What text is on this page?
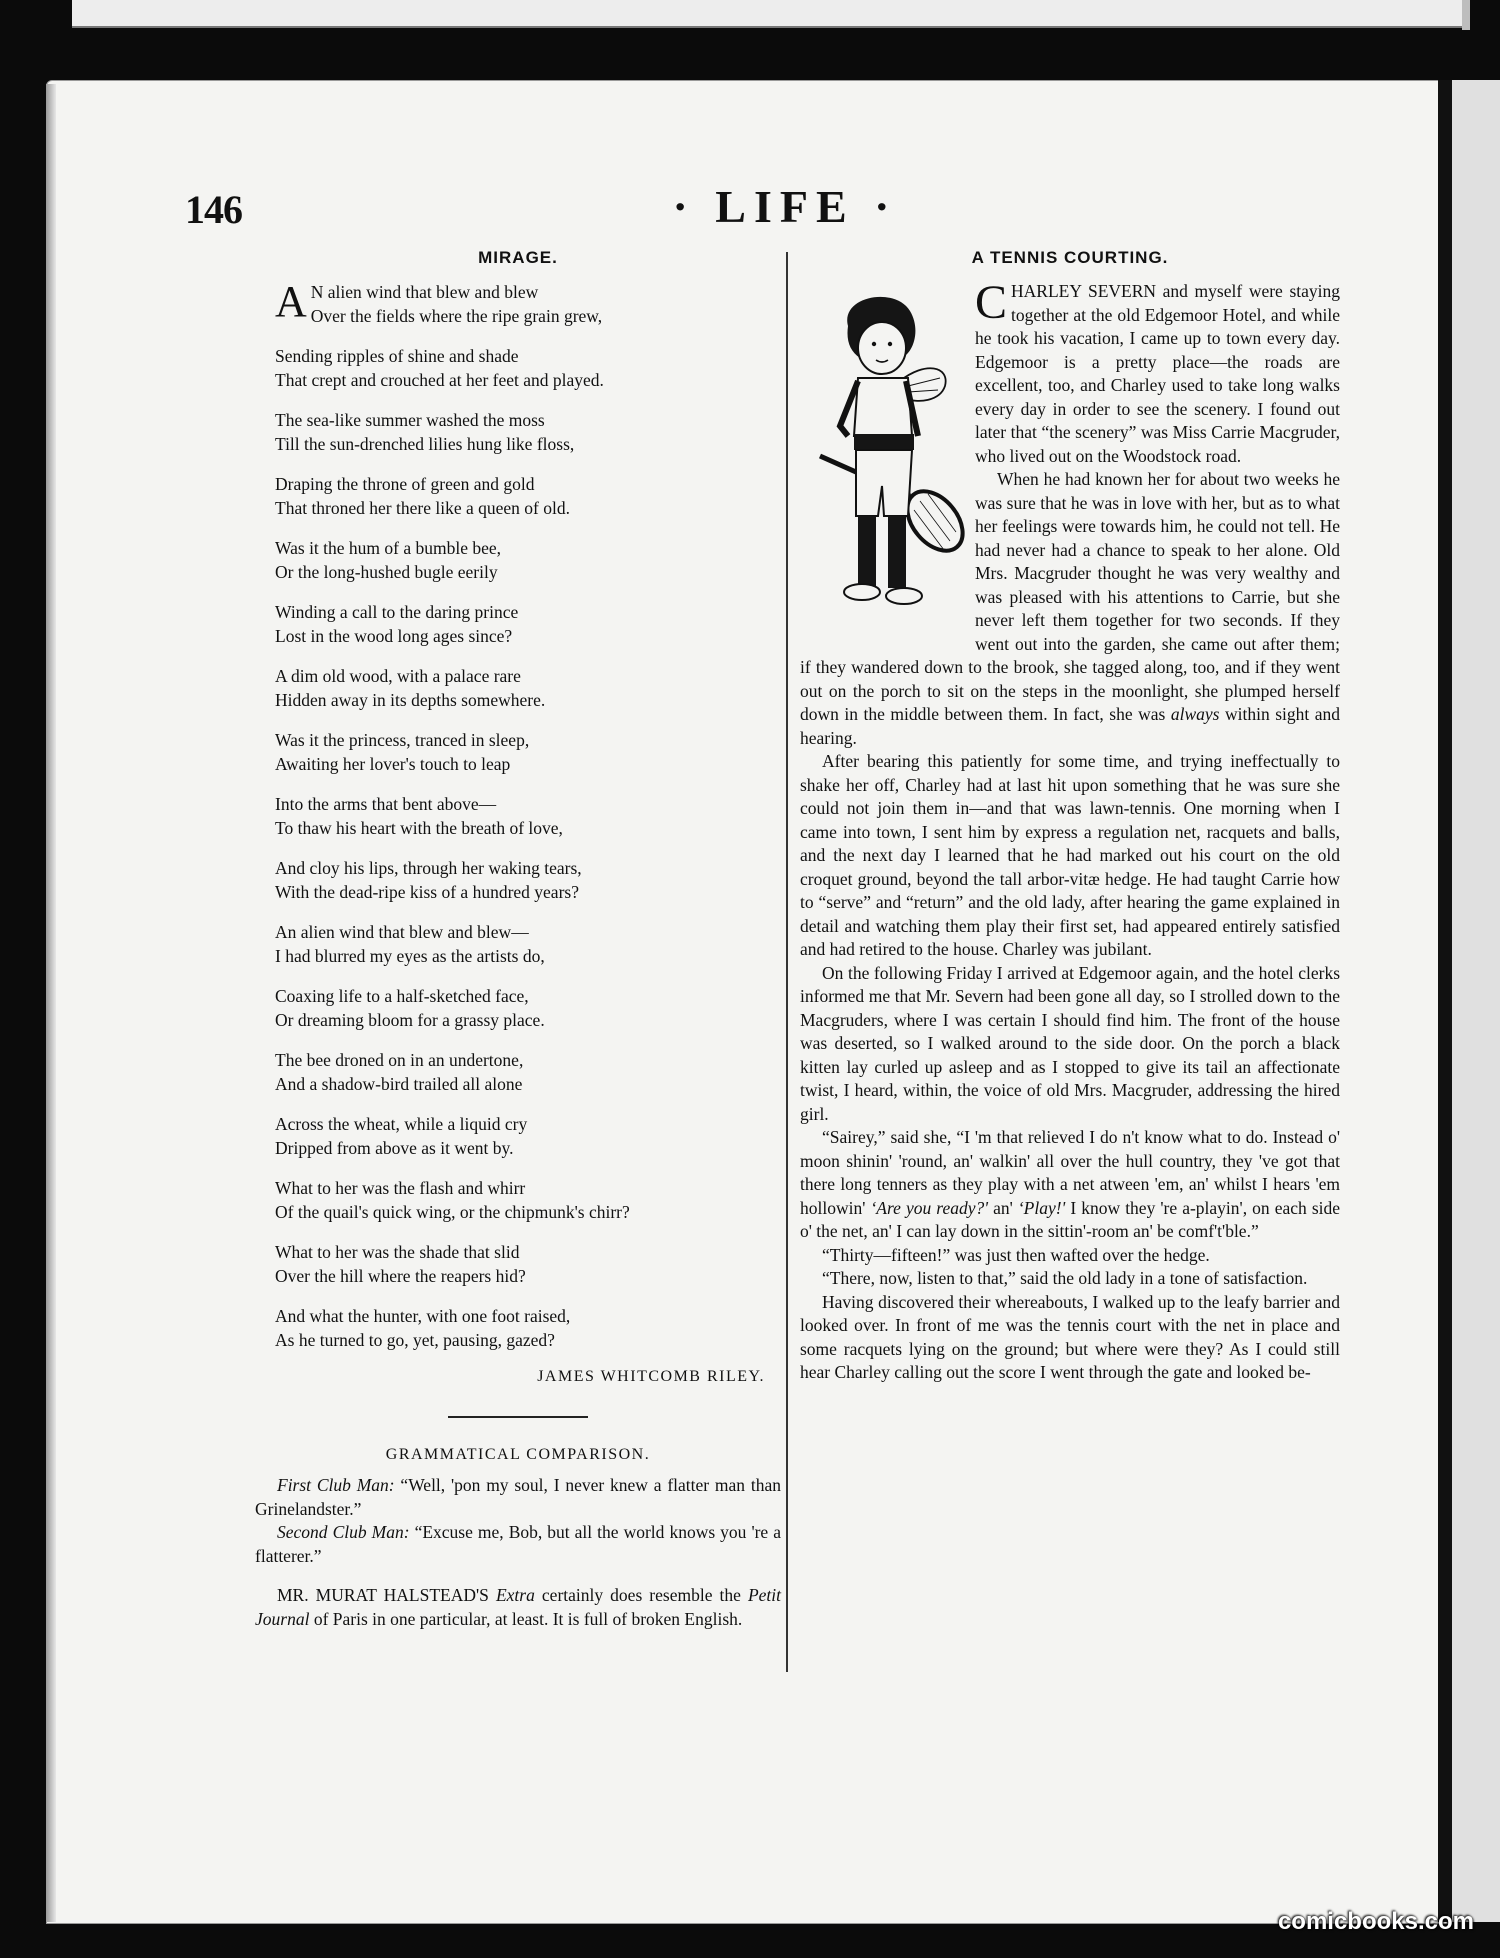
146	· LIFE ·
MIRAGE.
A N alien wind that blew and blew
Over the fields where the ripe grain grew,
Sending ripples of shine and shade
That crept and crouched at her feet and played.
The sea-like summer washed the moss
Till the sun-drenched lilies hung like floss,
Draping the throne of green and gold
That throned her there like a queen of old.
Was it the hum of a bumble bee,
Or the long-hushed bugle eerily
Winding a call to the daring prince
Lost in the wood long ages since?
A dim old wood, with a palace rare
Hidden away in its depths somewhere.
Was it the princess, tranced in sleep,
Awaiting her lover's touch to leap
Into the arms that bent above—
To thaw his heart with the breath of love,
And cloy his lips, through her waking tears,
With the dead-ripe kiss of a hundred years?
An alien wind that blew and blew—
I had blurred my eyes as the artists do,
Coaxing life to a half-sketched face,
Or dreaming bloom for a grassy place.
The bee droned on in an undertone,
And a shadow-bird trailed all alone
Across the wheat, while a liquid cry
Dripped from above as it went by.
What to her was the flash and whirr
Of the quail's quick wing, or the chipmunk's chirr?
What to her was the shade that slid
Over the hill where the reapers hid?
And what the hunter, with one foot raised,
As he turned to go, yet, pausing, gazed?
JAMES WHITCOMB RILEY.
GRAMMATICAL COMPARISON.

First Club Man: “Well, 'pon my soul, I never knew a flatter man than Grinelandster.”

Second Club Man: “Excuse me, Bob, but all the world knows you 're a flatterer.”

MR. MURAT HALSTEAD'S Extra certainly does resemble the Petit Journal of Paris in one particular, at least. It is full of broken English.

A TENNIS COURTING.

CHARLEY SEVERN and myself were staying together at the old Edgemoor Hotel, and while he took his vacation, I came up to town every day. Edgemoor is a pretty place—the roads are excellent, too, and Charley used to take long walks every day in order to see the scenery. I found out later that “the scenery” was Miss Carrie Macgruder, who lived out on the Woodstock road.

When he had known her for about two weeks he was sure that he was in love with her, but as to what her feelings were towards him, he could not tell. He had never had a chance to speak to her alone. Old Mrs. Macgruder thought he was very wealthy and was pleased with his attentions to Carrie, but she never left them together for two seconds. If they went out into the garden, she came out after them; if they wandered down to the brook, she tagged along, too, and if they went out on the porch to sit on the steps in the moonlight, she plumped herself down in the middle between them. In fact, she was always within sight and hearing.

After bearing this patiently for some time, and trying ineffectually to shake her off, Charley had at last hit upon something that he was sure she could not join them in—and that was lawn-tennis. One morning when I came into town, I sent him by express a regulation net, racquets and balls, and the next day I learned that he had marked out his court on the old croquet ground, beyond the tall arbor-vitæ hedge. He had taught Carrie how to “serve” and “return” and the old lady, after hearing the game explained in detail and watching them play their first set, had appeared entirely satisfied and had retired to the house. Charley was jubilant.

On the following Friday I arrived at Edgemoor again, and the hotel clerks informed me that Mr. Severn had been gone all day, so I strolled down to the Macgruders, where I was certain I should find him. The front of the house was deserted, so I walked around to the side door. On the porch a black kitten lay curled up asleep and as I stopped to give its tail an affectionate twist, I heard, within, the voice of old Mrs. Macgruder, addressing the hired girl.

“Sairey,” said she, “I 'm that relieved I do n't know what to do. Instead o' moon shinin' 'round, an' walkin' all over the hull country, they 've got that there long tenners as they play with a net atween 'em, an' whilst I hears 'em hollowin' ‘Are you ready?' an' ‘Play!' I know they 're a-playin', on each side o' the net, an' I can lay down in the sittin'-room an' be comf't'ble.”

“Thirty—fifteen!” was just then wafted over the hedge.

“There, now, listen to that,” said the old lady in a tone of satisfaction.

Having discovered their whereabouts, I walked up to the leafy barrier and looked over. In front of me was the tennis court with the net in place and some racquets lying on the ground; but where were they? As I could still hear Charley calling out the score I went through the gate and looked be-

comicbooks.com
